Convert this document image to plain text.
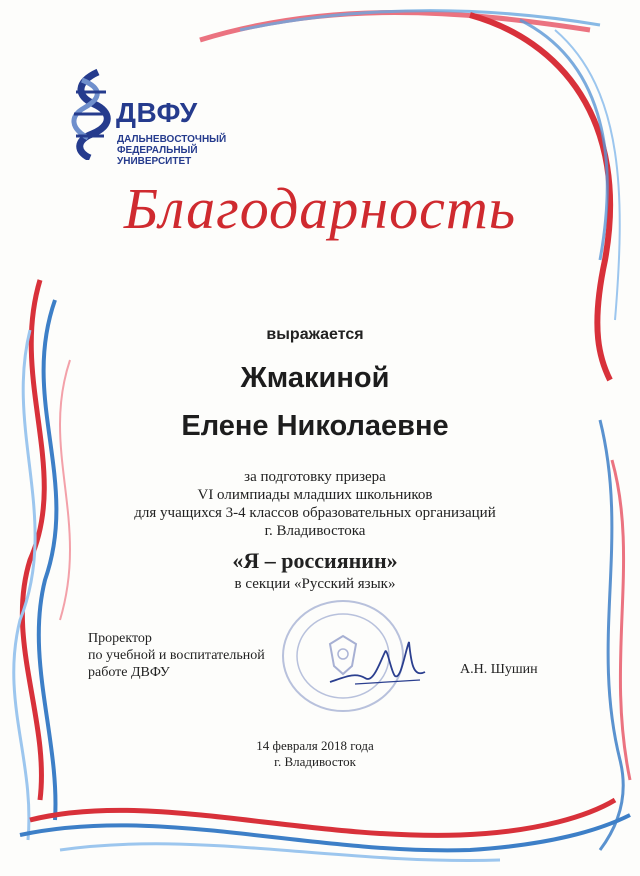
ДВФУ
ДАЛЬНЕВОСТОЧНЫЙ
ФЕДЕРАЛЬНЫЙ
УНИВЕРСИТЕТ
Благодарность
выражается
Жмакиной
Елене Николаевне
за подготовку призера
VI олимпиады младших школьников
для учащихся 3-4 классов образовательных организаций
г. Владивостока
«Я – россиянин»
в секции «Русский язык»
Проректор
по учебной и воспитательной
работе ДВФУ	А.Н. Шушин
14 февраля 2018 года
г. Владивосток
